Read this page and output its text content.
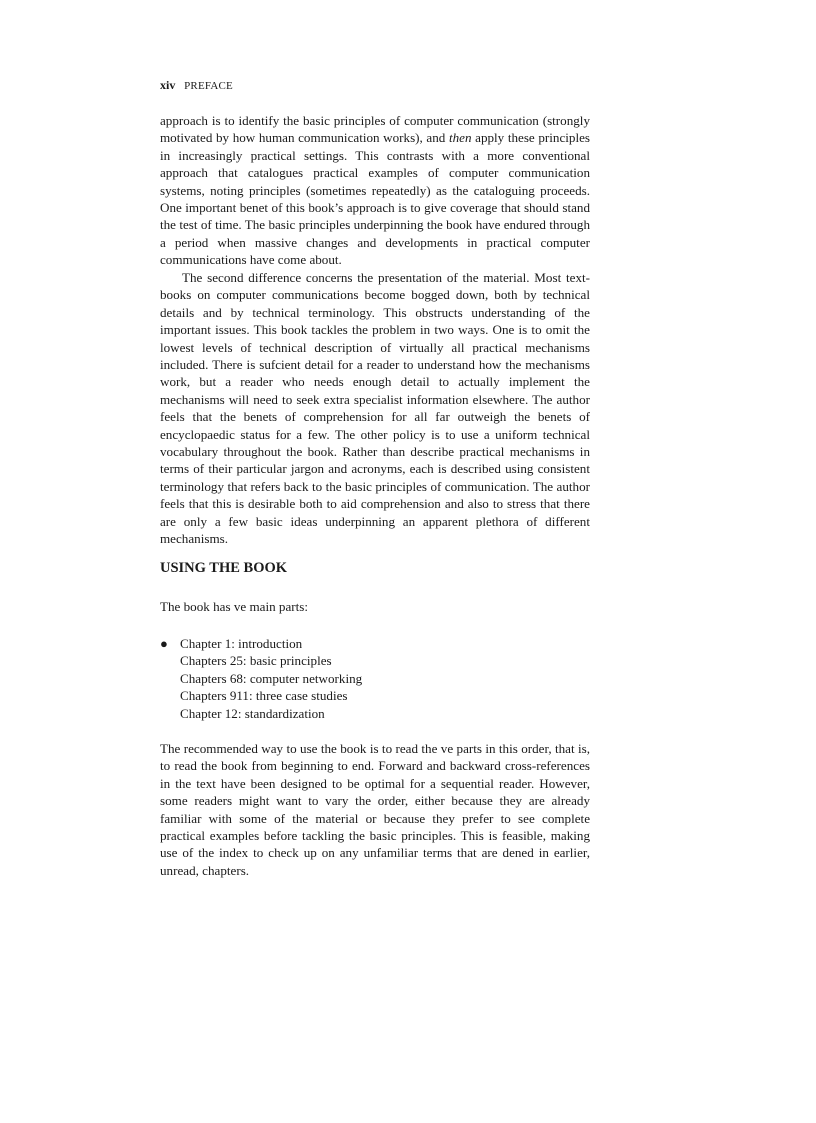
xiv PREFACE

approach is to identify the basic principles of computer communication (strongly motivated by how human communication works), and then apply these principles in increasingly practical settings. This contrasts with a more conventional approach that catalogues practical examples of computer communication systems, noting principles (sometimes repeatedly) as the cataloguing proceeds. One important benet of this book’s approach is to give coverage that should stand the test of time. The basic principles underpinning the book have endured through a period when massive changes and developments in practical computer communications have come about.

The second difference concerns the presentation of the material. Most text-books on computer communications become bogged down, both by technical details and by technical terminology. This obstructs understanding of the important issues. This book tackles the problem in two ways. One is to omit the lowest levels of technical description of virtually all practical mechanisms included. There is sufcient detail for a reader to understand how the mechanisms work, but a reader who needs enough detail to actually implement the mechanisms will need to seek extra specialist information elsewhere. The author feels that the benets of comprehension for all far outweigh the benets of encyclopaedic status for a few. The other policy is to use a uniform technical vocabulary throughout the book. Rather than describe practical mechanisms in terms of their particular jargon and acronyms, each is described using consistent terminology that refers back to the basic principles of communication. The author feels that this is desirable both to aid comprehension and also to stress that there are only a few basic ideas underpinning an apparent plethora of different mechanisms.

USING THE BOOK

The book has ve main parts:

● Chapter 1: introduction
Chapters 25: basic principles
Chapters 68: computer networking
Chapters 911: three case studies
Chapter 12: standardization

The recommended way to use the book is to read the ve parts in this order, that is, to read the book from beginning to end. Forward and backward cross-references in the text have been designed to be optimal for a sequential reader. However, some readers might want to vary the order, either because they are already familiar with some of the material or because they prefer to see complete practical examples before tackling the basic principles. This is feasible, making use of the index to check up on any unfamiliar terms that are dened in earlier, unread, chapters.
